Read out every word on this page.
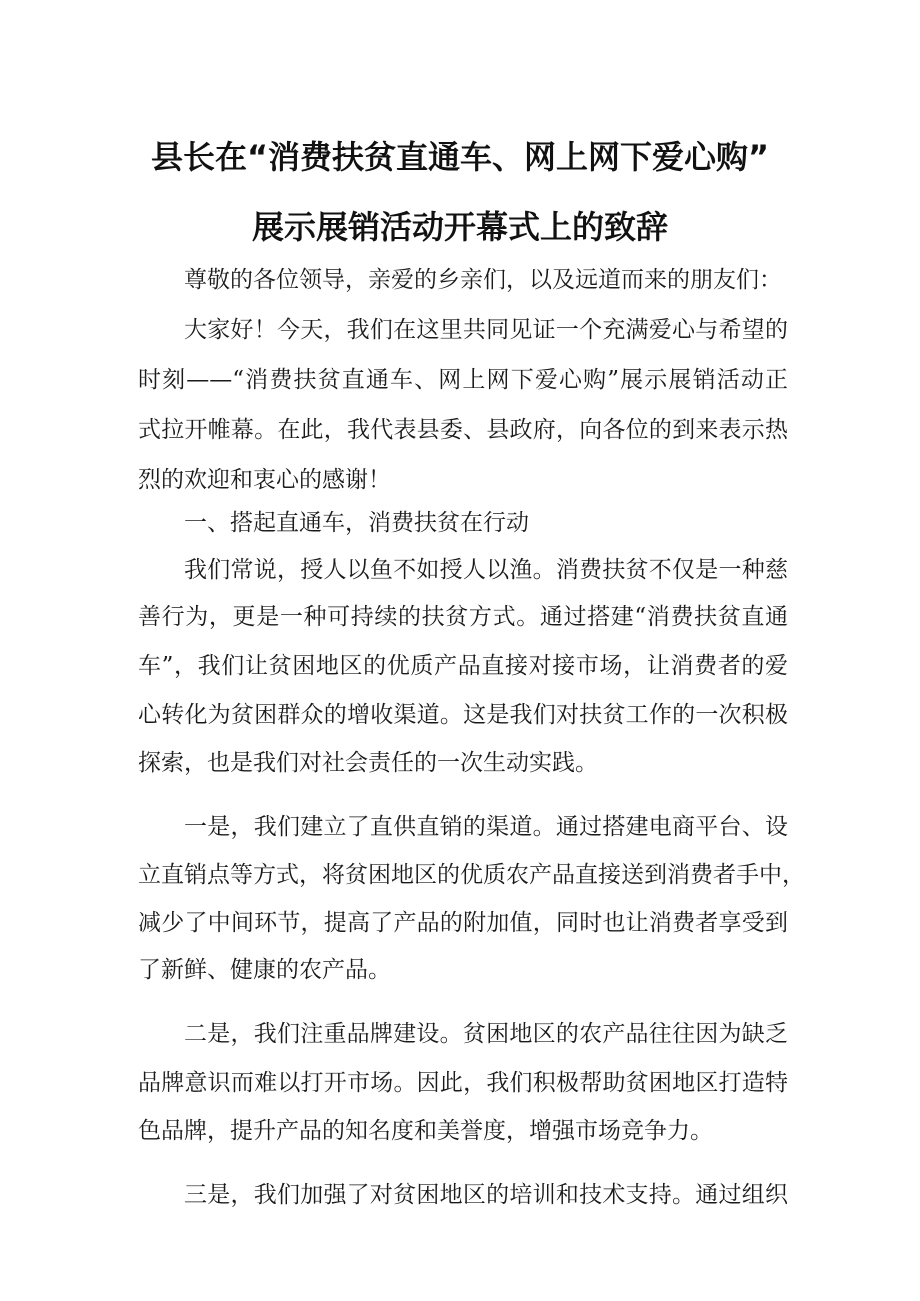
县长在“消费扶贫直通车、网上网下爱心购”
展示展销活动开幕式上的致辞
尊敬的各位领导，亲爱的乡亲们，以及远道而来的朋友们：
大家好！今天，我们在这里共同见证一个充满爱心与希望的
时刻——“消费扶贫直通车、网上网下爱心购”展示展销活动正
式拉开帷幕。在此，我代表县委、县政府，向各位的到来表示热
烈的欢迎和衷心的感谢！
一、搭起直通车，消费扶贫在行动
我们常说，授人以鱼不如授人以渔。消费扶贫不仅是一种慈
善行为，更是一种可持续的扶贫方式。通过搭建“消费扶贫直通
车”，我们让贫困地区的优质产品直接对接市场，让消费者的爱
心转化为贫困群众的增收渠道。这是我们对扶贫工作的一次积极
探索，也是我们对社会责任的一次生动实践。
一是，我们建立了直供直销的渠道。通过搭建电商平台、设
立直销点等方式，将贫困地区的优质农产品直接送到消费者手中，
减少了中间环节，提高了产品的附加值，同时也让消费者享受到
了新鲜、健康的农产品。
二是，我们注重品牌建设。贫困地区的农产品往往因为缺乏
品牌意识而难以打开市场。因此，我们积极帮助贫困地区打造特
色品牌，提升产品的知名度和美誉度，增强市场竞争力。
三是，我们加强了对贫困地区的培训和技术支持。通过组织
